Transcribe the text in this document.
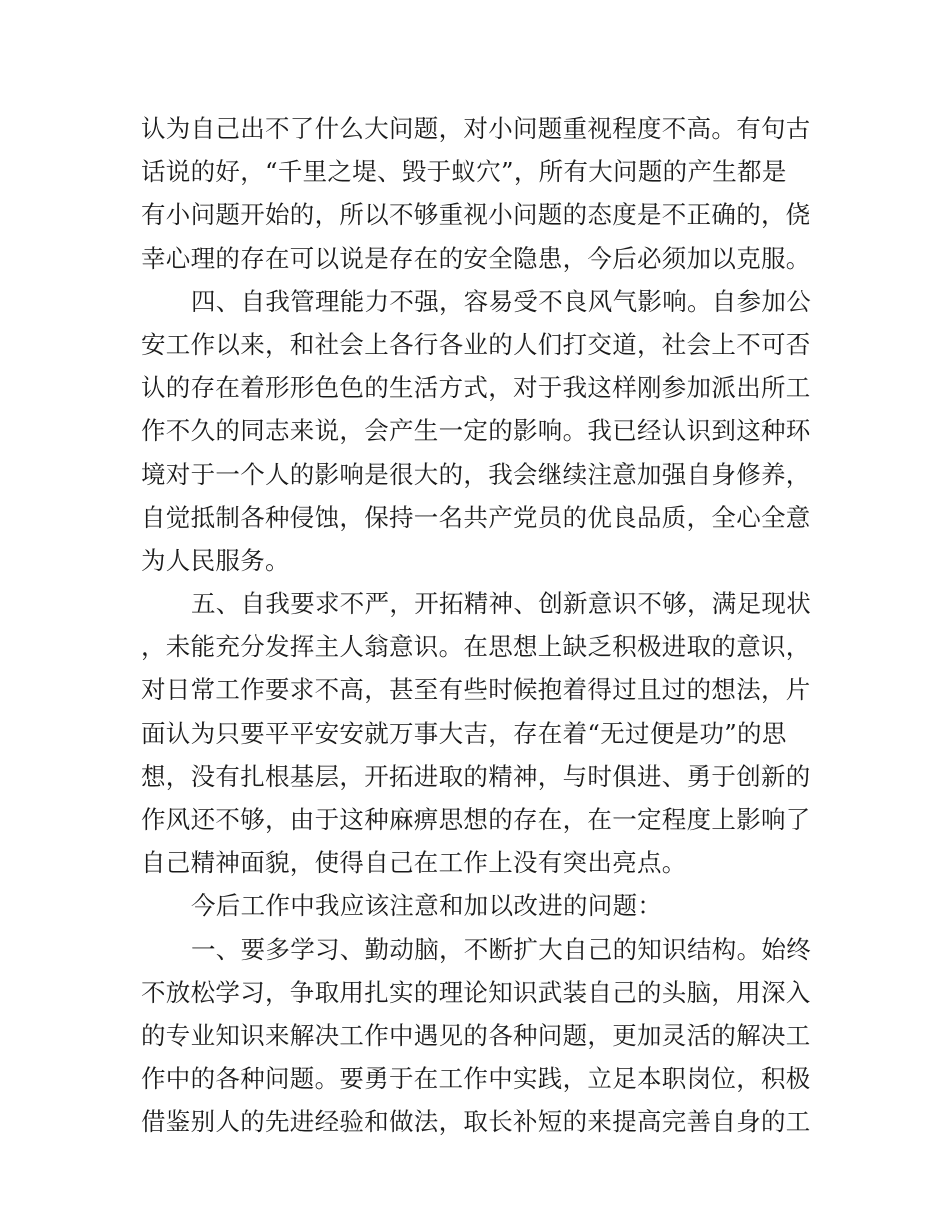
认为自己出不了什么大问题，对小问题重视程度不高。有句古
话说的好，“千里之堤、毁于蚁穴”，所有大问题的产生都是
有小问题开始的，所以不够重视小问题的态度是不正确的，侥
幸心理的存在可以说是存在的安全隐患，今后必须加以克服。
四、自我管理能力不强，容易受不良风气影响。自参加公
安工作以来，和社会上各行各业的人们打交道，社会上不可否
认的存在着形形色色的生活方式，对于我这样刚参加派出所工
作不久的同志来说，会产生一定的影响。我已经认识到这种环
境对于一个人的影响是很大的，我会继续注意加强自身修养，
自觉抵制各种侵蚀，保持一名共产党员的优良品质，全心全意
为人民服务。
五、自我要求不严，开拓精神、创新意识不够，满足现状
，未能充分发挥主人翁意识。在思想上缺乏积极进取的意识，
对日常工作要求不高，甚至有些时候抱着得过且过的想法，片
面认为只要平平安安就万事大吉，存在着“无过便是功”的思
想，没有扎根基层，开拓进取的精神，与时俱进、勇于创新的
作风还不够，由于这种麻痹思想的存在，在一定程度上影响了
自己精神面貌，使得自己在工作上没有突出亮点。
今后工作中我应该注意和加以改进的问题：
一、要多学习、勤动脑，不断扩大自己的知识结构。始终
不放松学习，争取用扎实的理论知识武装自己的头脑，用深入
的专业知识来解决工作中遇见的各种问题，更加灵活的解决工
作中的各种问题。要勇于在工作中实践，立足本职岗位，积极
借鉴别人的先进经验和做法，取长补短的来提高完善自身的工
